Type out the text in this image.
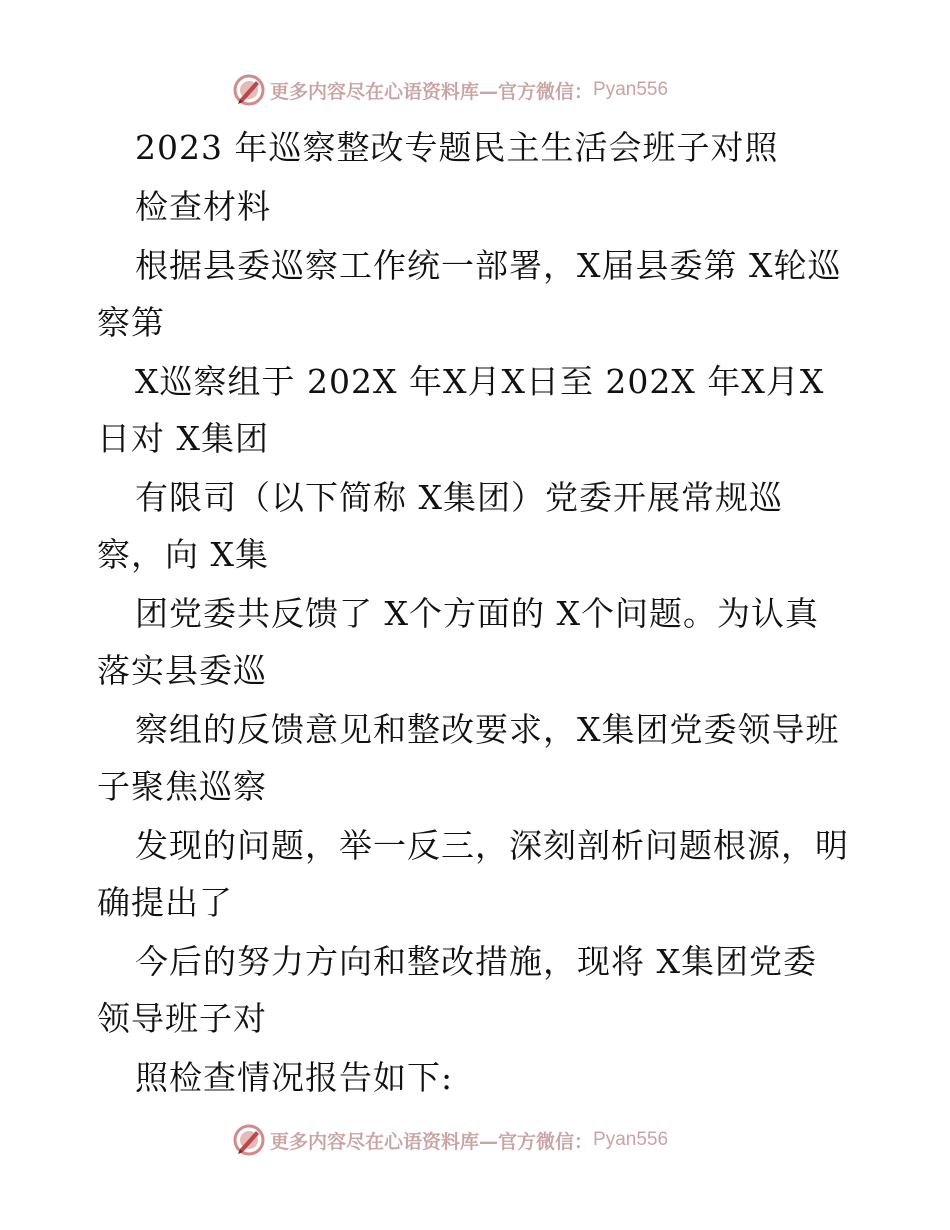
更多内容尽在心语资料库—官方微信： Pyan556
2023 年巡察整改专题民主生活会班子对照
检查材料
根据县委巡察工作统一部署，X届县委第 X轮巡
察第
X巡察组于 202X 年X月X日至 202X 年X月X
日对 X集团
有限司（以下简称 X集团）党委开展常规巡
察，向 X集
团党委共反馈了 X个方面的 X个问题。为认真
落实县委巡
察组的反馈意见和整改要求，X集团党委领导班
子聚焦巡察
发现的问题，举一反三，深刻剖析问题根源，明
确提出了
今后的努力方向和整改措施，现将 X集团党委
领导班子对
照检查情况报告如下:
更多内容尽在心语资料库—官方微信： Pyan556
